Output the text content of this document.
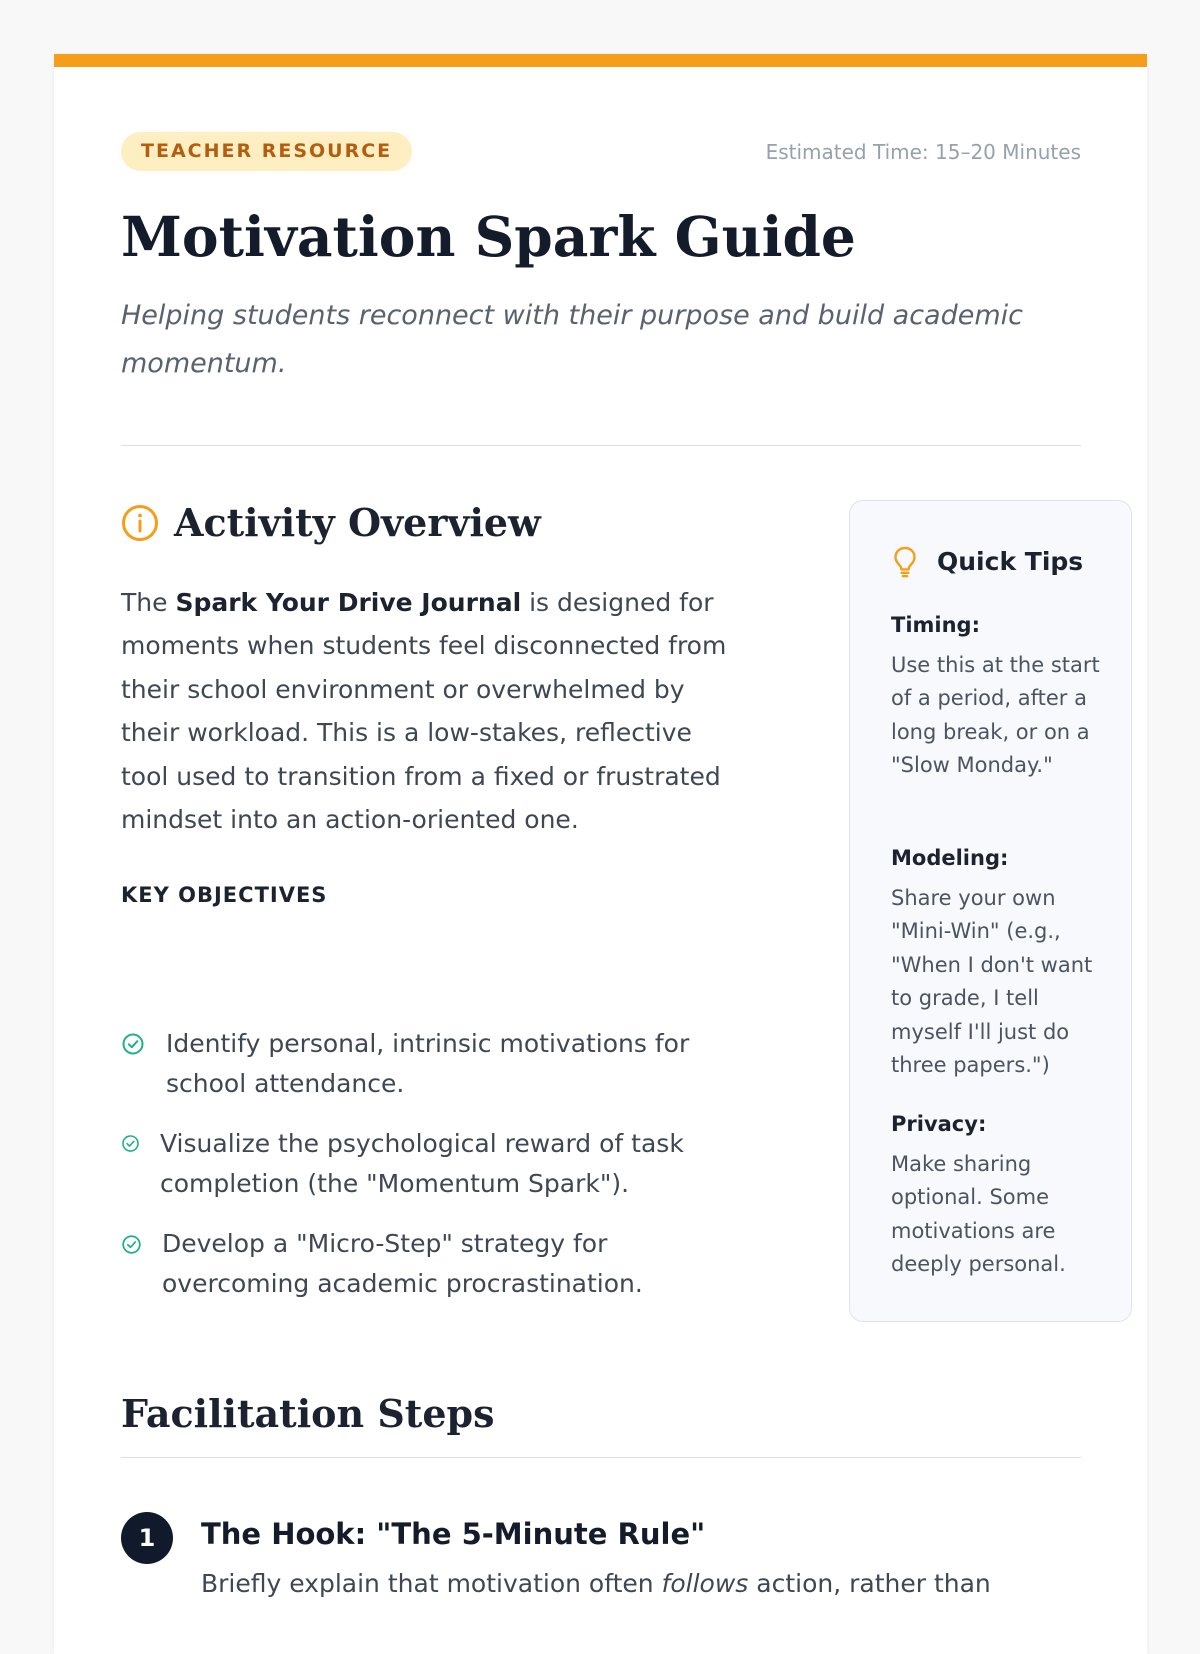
TEACHER RESOURCE	Estimated Time: 15–20 Minutes
Motivation Spark Guide

Helping students reconnect with their purpose and build academic momentum.

Activity Overview

The Spark Your Drive Journal is designed for moments when students feel disconnected from their school environment or overwhelmed by their workload. This is a low-stakes, reflective tool used to transition from a fixed or frustrated mindset into an action-oriented one.

KEY OBJECTIVES
Identify personal, intrinsic motivations for school attendance.
Visualize the psychological reward of task completion (the "Momentum Spark").
Develop a "Micro-Step" strategy for overcoming academic procrastination.
Quick Tips
Timing:
Use this at the start of a period, after a long break, or on a "Slow Monday."
Modeling:
Share your own "Mini-Win" (e.g., "When I don't want to grade, I tell myself I'll just do three papers.")
Privacy:
Make sharing optional. Some motivations are deeply personal.
Facilitation Steps
1	The Hook: "The 5-Minute Rule"

Briefly explain that motivation often follows action, rather than
